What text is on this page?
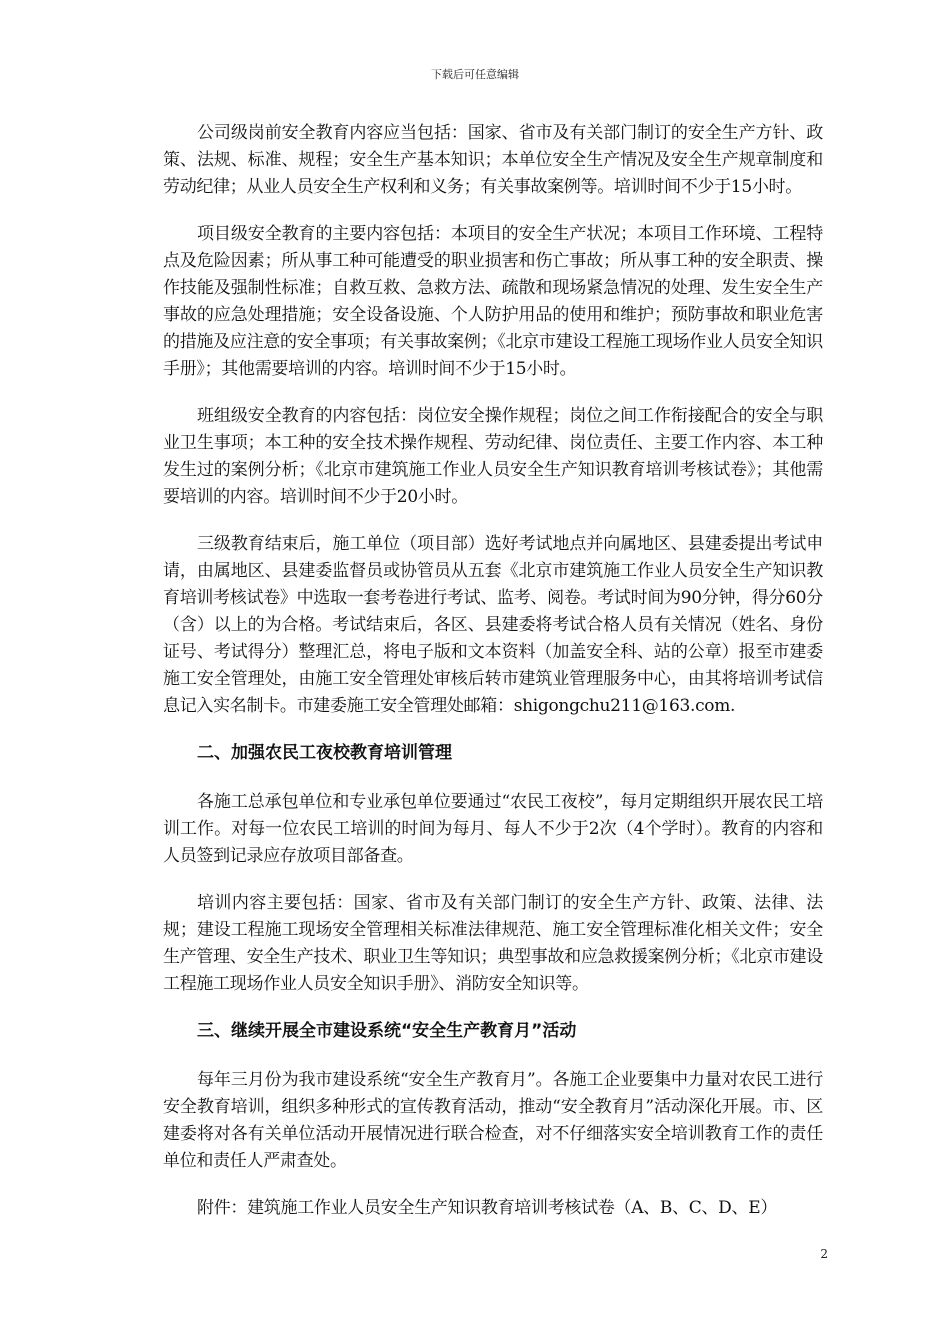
下载后可任意编辑

公司级岗前安全教育内容应当包括：国家、省市及有关部门制订的安全生产方针、政策、法规、标准、规程；安全生产基本知识；本单位安全生产情况及安全生产规章制度和劳动纪律；从业人员安全生产权利和义务；有关事故案例等。培训时间不少于15小时。

项目级安全教育的主要内容包括：本项目的安全生产状况；本项目工作环境、工程特点及危险因素；所从事工种可能遭受的职业损害和伤亡事故；所从事工种的安全职责、操作技能及强制性标准；自救互救、急救方法、疏散和现场紧急情况的处理、发生安全生产事故的应急处理措施；安全设备设施、个人防护用品的使用和维护；预防事故和职业危害的措施及应注意的安全事项；有关事故案例；《北京市建设工程施工现场作业人员安全知识手册》；其他需要培训的内容。培训时间不少于15小时。

班组级安全教育的内容包括：岗位安全操作规程；岗位之间工作衔接配合的安全与职业卫生事项；本工种的安全技术操作规程、劳动纪律、岗位责任、主要工作内容、本工种发生过的案例分析；《北京市建筑施工作业人员安全生产知识教育培训考核试卷》；其他需要培训的内容。培训时间不少于20小时。

三级教育结束后，施工单位（项目部）选好考试地点并向属地区、县建委提出考试申请，由属地区、县建委监督员或协管员从五套《北京市建筑施工作业人员安全生产知识教育培训考核试卷》中选取一套考卷进行考试、监考、阅卷。考试时间为90分钟，得分60分（含）以上的为合格。考试结束后，各区、县建委将考试合格人员有关情况（姓名、身份证号、考试得分）整理汇总，将电子版和文本资料（加盖安全科、站的公章）报至市建委施工安全管理处，由施工安全管理处审核后转市建筑业管理服务中心，由其将培训考试信息记入实名制卡。市建委施工安全管理处邮箱：shigongchu211@163.com.

二、加强农民工夜校教育培训管理

各施工总承包单位和专业承包单位要通过“农民工夜校”，每月定期组织开展农民工培训工作。对每一位农民工培训的时间为每月、每人不少于2次（4个学时）。教育的内容和人员签到记录应存放项目部备查。

培训内容主要包括：国家、省市及有关部门制订的安全生产方针、政策、法律、法规；建设工程施工现场安全管理相关标准法律规范、施工安全管理标准化相关文件；安全生产管理、安全生产技术、职业卫生等知识；典型事故和应急救援案例分析；《北京市建设工程施工现场作业人员安全知识手册》、消防安全知识等。

三、继续开展全市建设系统“安全生产教育月”活动

每年三月份为我市建设系统“安全生产教育月”。各施工企业要集中力量对农民工进行安全教育培训，组织多种形式的宣传教育活动，推动“安全教育月”活动深化开展。市、区建委将对各有关单位活动开展情况进行联合检查，对不仔细落实安全培训教育工作的责任单位和责任人严肃查处。

附件：建筑施工作业人员安全生产知识教育培训考核试卷（A、B、C、D、E）

2
